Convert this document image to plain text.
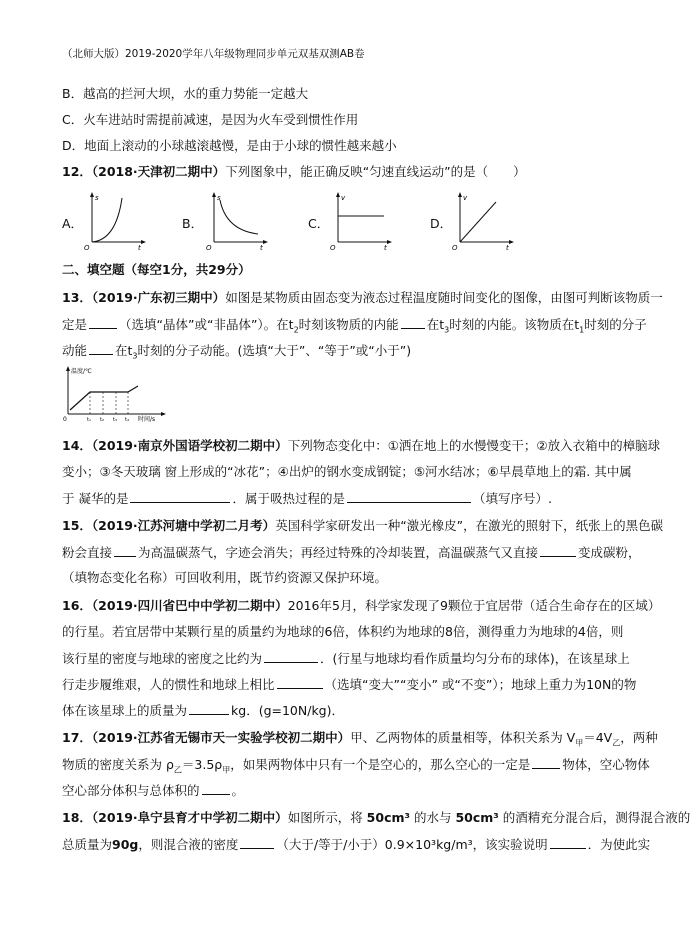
（北师大版）2019-2020学年八年级物理同步单元双基双测AB卷
B．越高的拦河大坝，水的重力势能一定越大
C．火车进站时需提前减速，是因为火车受到惯性作用
D．地面上滚动的小球越滚越慢，是由于小球的惯性越来越小
12．（2018·天津初二期中）下列图象中，能正确反映“匀速直线运动”的是（　　）
A．	B．	C．	D．
s
t
O
s
t
O
v
t
O
v
t
O
二、填空题（每空1分，共29分）
13．（2019·广东初三期中）如图是某物质由固态变为液态过程温度随时间变化的图像，由图可判断该物质一
定是	（选填“晶体”或“非晶体”）。在$t_2$时刻该物质的内能 在$t_3$时刻的内能。该物质在$t_1$时刻的分子
动能 在$t_3$时刻的分子动能。(选填“大于”、“等于”或“小于”)
温度/℃
时间/s
0	t₁ t₂ t₃ t₄
14．（2019·南京外国语学校初二期中）下列物态变化中：①洒在地上的水慢慢变干；②放入衣箱中的樟脑球
变小；③冬天玻璃 窗上形成的“冰花”；④出炉的钢水变成钢锭；⑤河水结冰；⑥早晨草地上的霜. 其中属
于 凝华的是	．属于吸热过程的是	（填写序号）.
15．（2019·江苏河塘中学初二月考）英国科学家研发出一种“激光橡皮”，在激光的照射下，纸张上的黑色碳
粉会直接 为高温碳蒸气，字迹会消失；再经过特殊的冷却装置，高温碳蒸气又直接	变成碳粉，
（填物态变化名称）可回收利用，既节约资源又保护环境。
16．（2019·四川省巴中中学初二期中）2016年5月，科学家发现了9颗位于宜居带（适合生命存在的区域）
的行星。若宜居带中某颗行星的质量约为地球的6倍，体积约为地球的8倍，测得重力为地球的4倍，则
该行星的密度与地球的密度之比约为	．(行星与地球均看作质量均匀分布的球体)，在该星球上
行走步履维艰，人的惯性和地球上相比	（选填“变大”“变小” 或“不变”）；地球上重力为10N的物
体在该星球上的质量为	kg．(g=10N/kg)．
17．（2019·江苏省无锡市天一实验学校初二期中）甲、乙两物体的质量相等，体积关系为 $V_甲=4V_乙$，两种
物质的密度关系为 $\rho_乙=3.5\rho_甲$，如果两物体中只有一个是空心的，那么空心的一定是	物体，空心物体
空心部分体积与总体积的	。
18．（2019·阜宁县育才中学初二期中）如图所示，将 50cm³ 的水与 50cm³ 的酒精充分混合后，测得混合液的
总质量为90g，则混合液的密度	（大于/等于/小于）0.9×10³kg/m³，该实验说明	．为使此实
